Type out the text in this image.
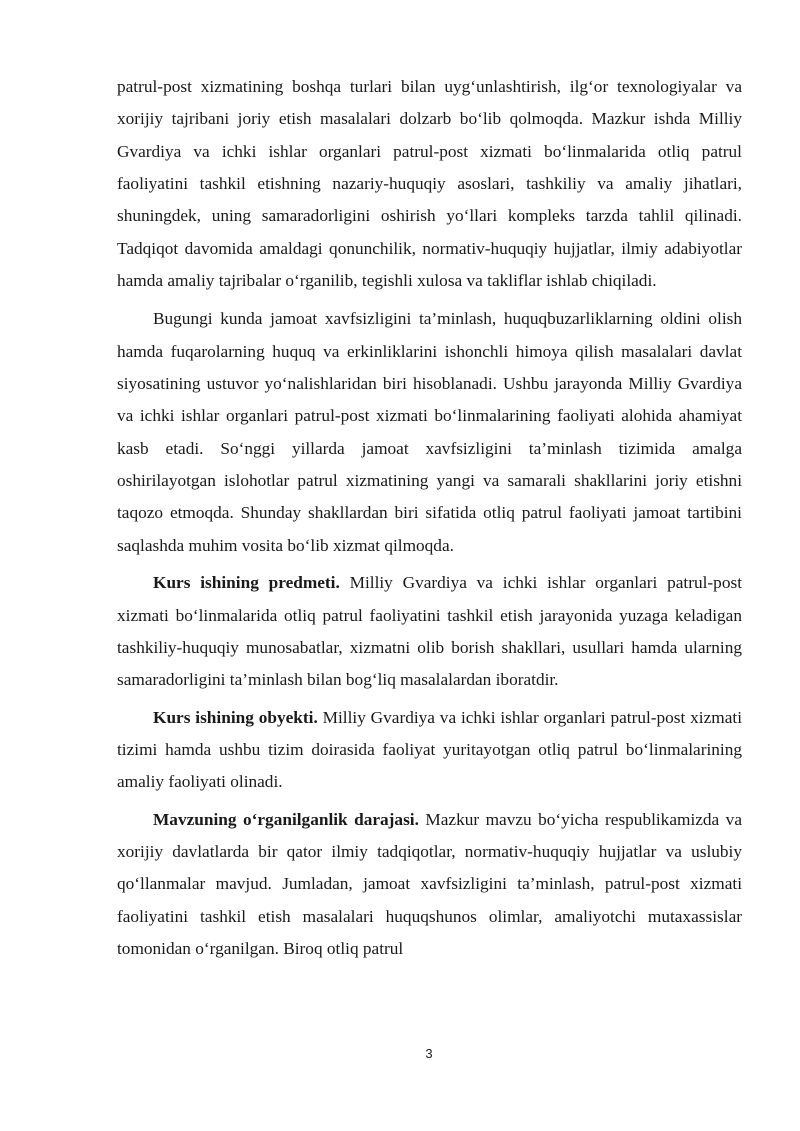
patrul-post xizmatining boshqa turlari bilan uyg‘unlashtirish, ilg‘or texnologiyalar va xorijiy tajribani joriy etish masalalari dolzarb bo‘lib qolmoqda. Mazkur ishda Milliy Gvardiya va ichki ishlar organlari patrul-post xizmati bo‘linmalarida otliq patrul faoliyatini tashkil etishning nazariy-huquqiy asoslari, tashkiliy va amaliy jihatlari, shuningdek, uning samaradorligini oshirish yo‘llari kompleks tarzda tahlil qilinadi. Tadqiqot davomida amaldagi qonunchilik, normativ-huquqiy hujjatlar, ilmiy adabiyotlar hamda amaliy tajribalar o‘rganilib, tegishli xulosa va takliflar ishlab chiqiladi.

Bugungi kunda jamoat xavfsizligini ta’minlash, huquqbuzarliklarning oldini olish hamda fuqarolarning huquq va erkinliklarini ishonchli himoya qilish masalalari davlat siyosatining ustuvor yo‘nalishlaridan biri hisoblanadi. Ushbu jarayonda Milliy Gvardiya va ichki ishlar organlari patrul-post xizmati bo‘linmalarining faoliyati alohida ahamiyat kasb etadi. So‘nggi yillarda jamoat xavfsizligini ta’minlash tizimida amalga oshirilayotgan islohotlar patrul xizmatining yangi va samarali shakllarini joriy etishni taqozo etmoqda. Shunday shakllardan biri sifatida otliq patrul faoliyati jamoat tartibini saqlashda muhim vosita bo‘lib xizmat qilmoqda.

Kurs ishining predmeti. Milliy Gvardiya va ichki ishlar organlari patrul-post xizmati bo‘linmalarida otliq patrul faoliyatini tashkil etish jarayonida yuzaga keladigan tashkiliy-huquqiy munosabatlar, xizmatni olib borish shakllari, usullari hamda ularning samaradorligini ta’minlash bilan bog‘liq masalalardan iboratdir.

Kurs ishining obyekti. Milliy Gvardiya va ichki ishlar organlari patrul-post xizmati tizimi hamda ushbu tizim doirasida faoliyat yuritayotgan otliq patrul bo‘linmalarining amaliy faoliyati olinadi.

Mavzuning o‘rganilganlik darajasi. Mazkur mavzu bo‘yicha respublikamizda va xorijiy davlatlarda bir qator ilmiy tadqiqotlar, normativ-huquqiy hujjatlar va uslubiy qo‘llanmalar mavjud. Jumladan, jamoat xavfsizligini ta’minlash, patrul-post xizmati faoliyatini tashkil etish masalalari huquqshunos olimlar, amaliyotchi mutaxassislar tomonidan o‘rganilgan. Biroq otliq patrul

3
